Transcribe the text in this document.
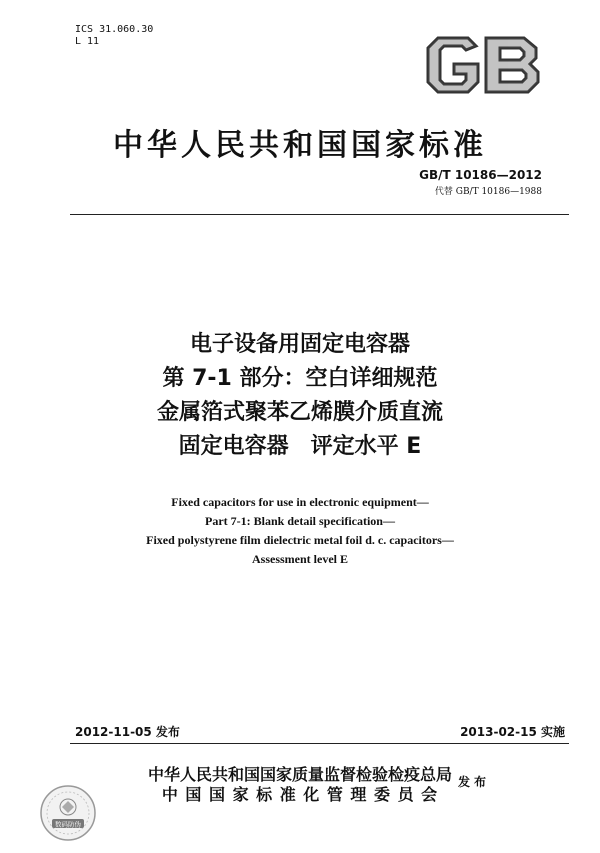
ICS 31.060.30
L 11
中华人民共和国国家标准
GB/T 10186—2012
代替 GB/T 10186—1988
电子设备用固定电容器
第 7-1 部分：空白详细规范
金属箔式聚苯乙烯膜介质直流
固定电容器　评定水平 E
Fixed capacitors for use in electronic equipment—
Part 7-1: Blank detail specification—
Fixed polystyrene film dielectric metal foil d. c. capacitors—
Assessment level E
2012-11-05 发布	2013-02-15 实施
中华人民共和国国家质量监督检验检疫总局
中 国 国 家 标 准 化 管 理 委 员 会
发布
数码防伪
